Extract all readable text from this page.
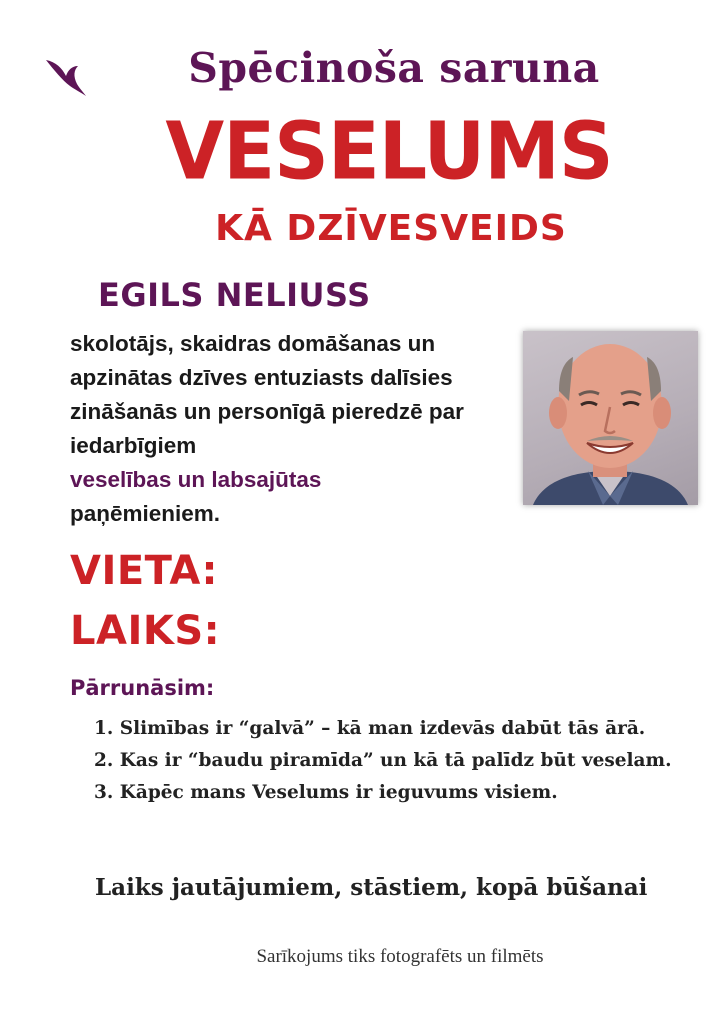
Spēcinoša saruna
VESELUMS
KĀ DZĪVESVEIDS
EGILS NELIUSS

skolotājs, skaidras domāšanas un apzinātas dzīves entuziasts dalīsies zināšanās un personīgā pieredzē par iedarbīgiem
veselības un labsajūtas
paņēmieniem.

VIETA:
LAIKS:
Pārrunāsim:
1. Slimības ir “galvā” – kā man izdevās dabūt tās ārā.
2. Kas ir “baudu piramīda” un kā tā palīdz būt veselam.
3. Kāpēc mans Veselums ir ieguvums visiem.
Laiks jautājumiem, stāstiem, kopā būšanai
Sarīkojums tiks fotografēts un filmēts
